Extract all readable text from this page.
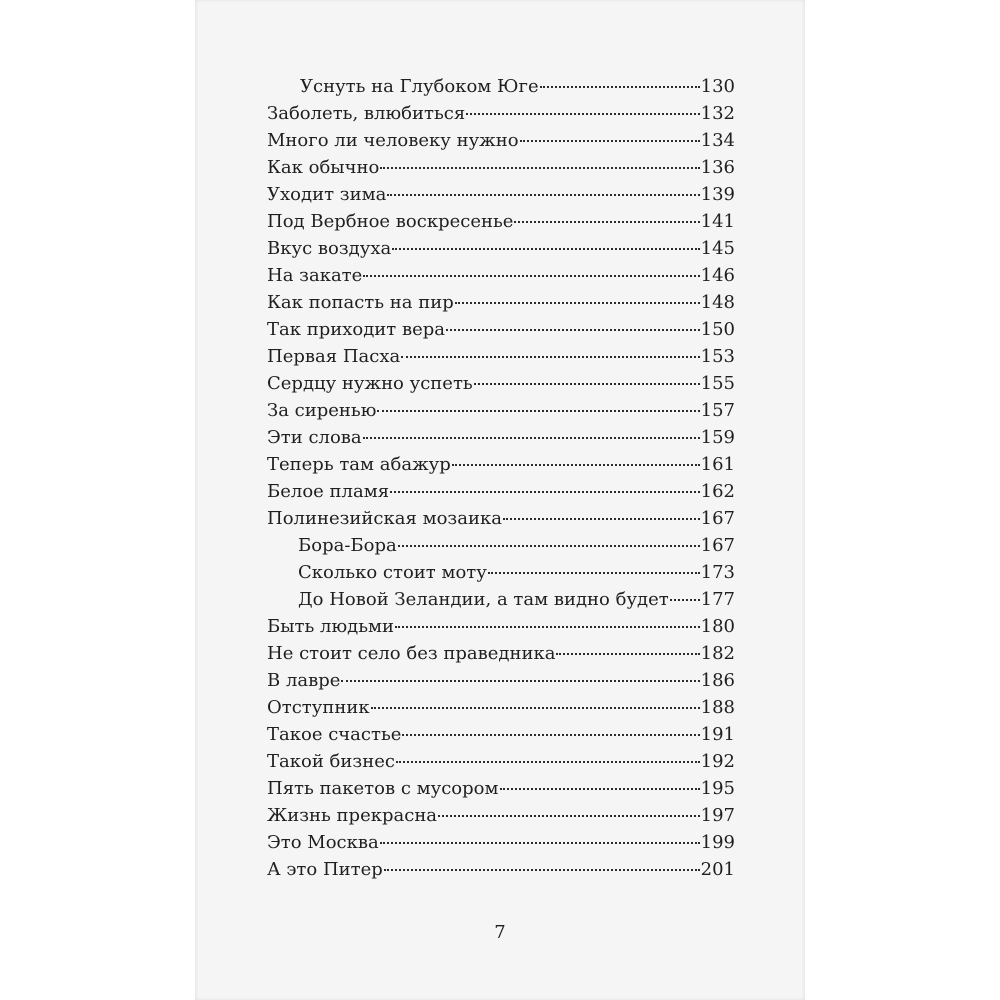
Уснуть на Глубоком Юге	130
Заболеть, влюбиться	132
Много ли человеку нужно	134
Как обычно	136
Уходит зима	139
Под Вербное воскресенье	141
Вкус воздуха	145
На закате	146
Как попасть на пир	148
Так приходит вера	150
Первая Пасха	153
Сердцу нужно успеть	155
За сиренью	157
Эти слова	159
Теперь там абажур	161
Белое пламя	162
Полинезийская мозаика	167
Бора-Бора	167
Сколько стоит моту	173
До Новой Зеландии, а там видно будет 177
Быть людьми	180
Не стоит село без праведника	182
В лавре	186
Отступник	188
Такое счастье	191
Такой бизнес	192
Пять пакетов с мусором	195
Жизнь прекрасна	197
Это Москва	199
А это Питер	201
7
